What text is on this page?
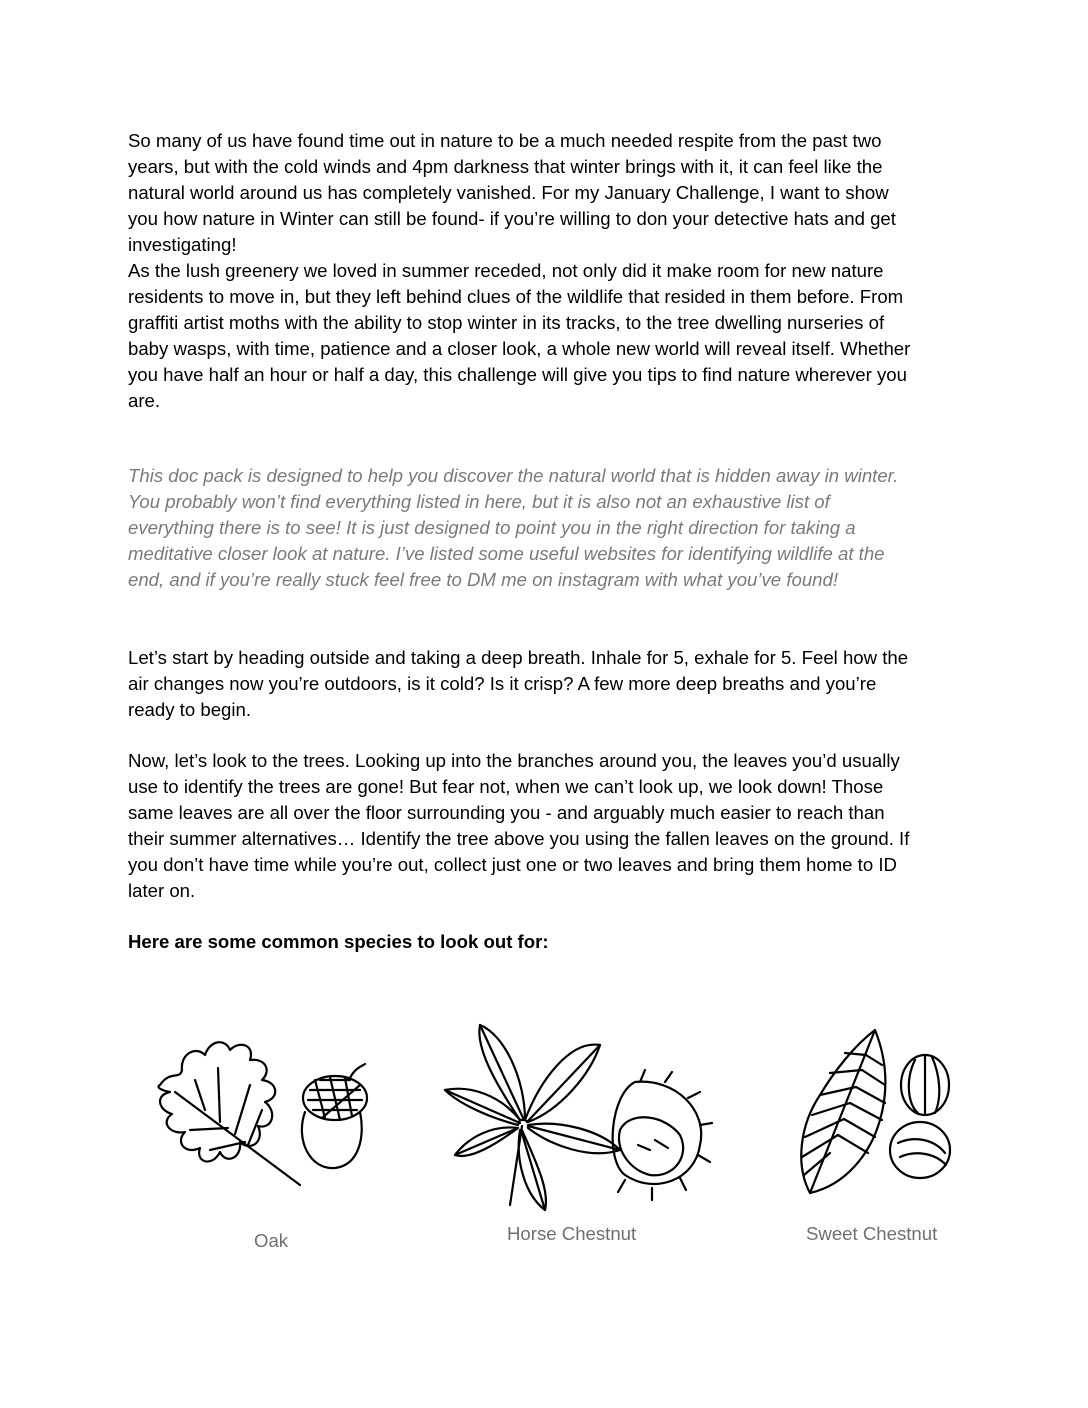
So many of us have found time out in nature to be a much needed respite from the past two
years, but with the cold winds and 4pm darkness that winter brings with it, it can feel like the
natural world around us has completely vanished. For my January Challenge, I want to show
you how nature in Winter can still be found- if you’re willing to don your detective hats and get
investigating!
As the lush greenery we loved in summer receded, not only did it make room for new nature
residents to move in, but they left behind clues of the wildlife that resided in them before. From
graffiti artist moths with the ability to stop winter in its tracks, to the tree dwelling nurseries of
baby wasps, with time, patience and a closer look, a whole new world will reveal itself. Whether
you have half an hour or half a day, this challenge will give you tips to find nature wherever you
are.

This doc pack is designed to help you discover the natural world that is hidden away in winter.
You probably won’t find everything listed in here, but it is also not an exhaustive list of
everything there is to see! It is just designed to point you in the right direction for taking a
meditative closer look at nature. I’ve listed some useful websites for identifying wildlife at the
end, and if you’re really stuck feel free to DM me on instagram with what you’ve found!

Let’s start by heading outside and taking a deep breath. Inhale for 5, exhale for 5. Feel how the
air changes now you’re outdoors, is it cold? Is it crisp? A few more deep breaths and you’re
ready to begin.

Now, let’s look to the trees. Looking up into the branches around you, the leaves you’d usually
use to identify the trees are gone! But fear not, when we can’t look up, we look down! Those
same leaves are all over the floor surrounding you - and arguably much easier to reach than
their summer alternatives… Identify the tree above you using the fallen leaves on the ground. If
you don’t have time while you’re out, collect just one or two leaves and bring them home to ID
later on.

Here are some common species to look out for:

Oak	Horse Chestnut	Sweet Chestnut
